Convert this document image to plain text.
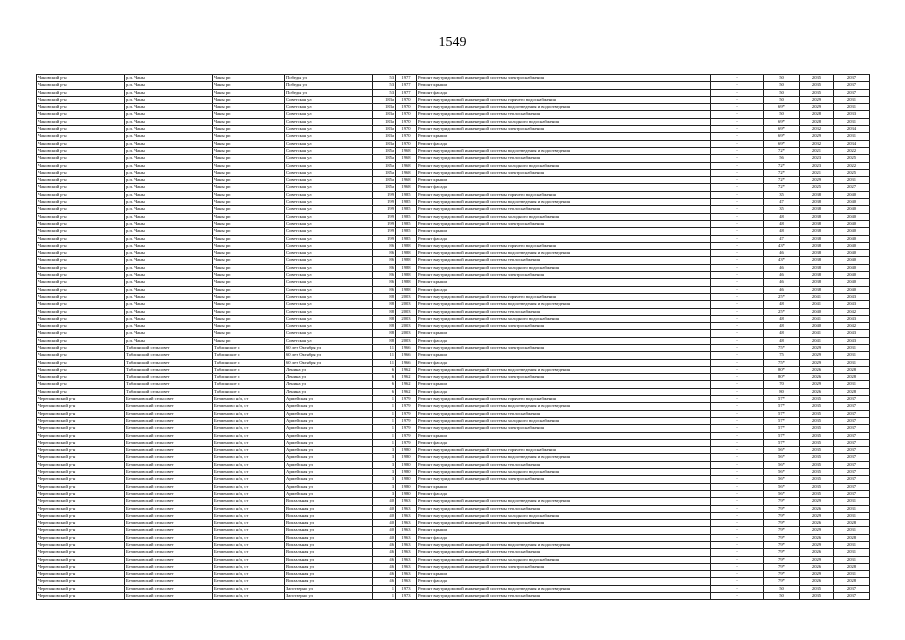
1549
Чановский р-н	р.п. Чаны	Чаны рп	Победы ул	53	1977	Ремонт внутридомовой инженерной системы электроснабжения	-	50	2035	2037
Чановский р-н	р.п. Чаны	Чаны рп	Победы ул	53	1977	Ремонт крыши	-	50	2035	2037
Чановский р-н	р.п. Чаны	Чаны рп	Победы ул	53	1977	Ремонт фасада	-	50	2035	2037
Чановский р-н	р.п. Чаны	Чаны рп	Советская ул	183а	1970	Ремонт внутридомовой инженерной системы горячего водоснабжения	-	50	2029	2031
Чановский р-н	р.п. Чаны	Чаны рп	Советская ул	183а	1970	Ремонт внутридомовой инженерной системы водоотведения и водоотведения	-	69*	2029	2031
Чановский р-н	р.п. Чаны	Чаны рп	Советская ул	183а	1970	Ремонт внутридомовой инженерной системы теплоснабжения	-	50	2028	2033
Чановский р-н	р.п. Чаны	Чаны рп	Советская ул	183а	1970	Ремонт внутридомовой инженерной системы холодного водоснабжения	-	69*	2028	2031
Чановский р-н	р.п. Чаны	Чаны рп	Советская ул	183а	1970	Ремонт внутридомовой инженерной системы электроснабжения	-	69*	2032	2034
Чановский р-н	р.п. Чаны	Чаны рп	Советская ул	183а	1970	Ремонт крыши	-	69*	2029	2031
Чановский р-н	р.п. Чаны	Чаны рп	Советская ул	183а	1970	Ремонт фасада	-	69*	2032	2034
Чановский р-н	р.п. Чаны	Чаны рп	Советская ул	185а	1968	Ремонт внутридомовой инженерной системы водоотведения и водоотведения	-	72*	2021	2022
Чановский р-н	р.п. Чаны	Чаны рп	Советская ул	185а	1968	Ремонт внутридомовой инженерной системы теплоснабжения	-	56	2023	2025
Чановский р-н	р.п. Чаны	Чаны рп	Советская ул	185а	1968	Ремонт внутридомовой инженерной системы холодного водоснабжения	-	72*	2023	2022
Чановский р-н	р.п. Чаны	Чаны рп	Советская ул	185а	1968	Ремонт внутридомовой инженерной системы электроснабжения	-	72*	2021	2025
Чановский р-н	р.п. Чаны	Чаны рп	Советская ул	185а	1968	Ремонт крыши	-	72*	2029	2031
Чановский р-н	р.п. Чаны	Чаны рп	Советская ул	185а	1968	Ремонт фасада	-	72*	2025	2027
Чановский р-н	р.п. Чаны	Чаны рп	Советская ул	199	1985	Ремонт внутридомовой инженерной системы горячего водоснабжения	-	35	2038	2040
Чановский р-н	р.п. Чаны	Чаны рп	Советская ул	199	1985	Ремонт внутридомовой инженерной системы водоотведения и водоотведения	-	47	2038	2040
Чановский р-н	р.п. Чаны	Чаны рп	Советская ул	199	1985	Ремонт внутридомовой инженерной системы теплоснабжения	-	35	2038	2040
Чановский р-н	р.п. Чаны	Чаны рп	Советская ул	199	1985	Ремонт внутридомовой инженерной системы холодного водоснабжения	-	48	2038	2040
Чановский р-н	р.п. Чаны	Чаны рп	Советская ул	199	1985	Ремонт внутридомовой инженерной системы электроснабжения	-	48	2038	2040
Чановский р-н	р.п. Чаны	Чаны рп	Советская ул	199	1985	Ремонт крыши	-	48	2038	2040
Чановский р-н	р.п. Чаны	Чаны рп	Советская ул	199	1985	Ремонт фасада	-	47	2038	2040
Чановский р-н	р.п. Чаны	Чаны рп	Советская ул	86	1988	Ремонт внутридомовой инженерной системы горячего водоснабжения	-	43*	2038	2040
Чановский р-н	р.п. Чаны	Чаны рп	Советская ул	86	1988	Ремонт внутридомовой инженерной системы водоотведения и водоотведения	-	46	2038	2040
Чановский р-н	р.п. Чаны	Чаны рп	Советская ул	86	1988	Ремонт внутридомовой инженерной системы теплоснабжения	-	43*	2038	2040
Чановский р-н	р.п. Чаны	Чаны рп	Советская ул	86	1988	Ремонт внутридомовой инженерной системы холодного водоснабжения	-	46	2038	2040
Чановский р-н	р.п. Чаны	Чаны рп	Советская ул	86	1988	Ремонт внутридомовой инженерной системы электроснабжения	-	46	2038	2040
Чановский р-н	р.п. Чаны	Чаны рп	Советская ул	86	1988	Ремонт крыши	-	46	2038	2040
Чановский р-н	р.п. Чаны	Чаны рп	Советская ул	86	1988	Ремонт фасада	-	46	2038	2040
Чановский р-н	р.п. Чаны	Чаны рп	Советская ул	88	2003	Ремонт внутридомовой инженерной системы горячего водоснабжения	-	25*	2041	2043
Чановский р-н	р.п. Чаны	Чаны рп	Советская ул	88	2003	Ремонт внутридомовой инженерной системы водоотведения и водоотведения	-	48	2041	2043
Чановский р-н	р.п. Чаны	Чаны рп	Советская ул	88	2003	Ремонт внутридомовой инженерной системы теплоснабжения	-	25*	2040	2042
Чановский р-н	р.п. Чаны	Чаны рп	Советская ул	88	2003	Ремонт внутридомовой инженерной системы холодного водоснабжения	-	48	2041	2043
Чановский р-н	р.п. Чаны	Чаны рп	Советская ул	88	2003	Ремонт внутридомовой инженерной системы электроснабжения	-	48	2040	2042
Чановский р-н	р.п. Чаны	Чаны рп	Советская ул	88	2003	Ремонт крыши	-	48	2041	2043
Чановский р-н	р.п. Чаны	Чаны рп	Советская ул	88	2003	Ремонт фасада	-	48	2041	2043
Чановский р-н	Таблинский сельсовет	Таблинское с	60 лет Октября ул	11	1966	Ремонт внутридомовой инженерной системы электроснабжения	-	75*	2029	2031
Чановский р-н	Таблинский сельсовет	Таблинское с	60 лет Октября ул	11	1966	Ремонт крыши	-	75	2029	2031
Чановский р-н	Таблинский сельсовет	Таблинское с	60 лет Октября ул	11	1966	Ремонт фасада	-	75*	2029	2031
Чановский р-н	Таблинский сельсовет	Таблинское с	Ленина ул	6	1962	Ремонт внутридомовой инженерной системы водоотведения и водоотведения	-	80*	2026	2028
Чановский р-н	Таблинский сельсовет	Таблинское с	Ленина ул	6	1962	Ремонт внутридомовой инженерной системы электроснабжения	-	80*	2026	2028
Чановский р-н	Таблинский сельсовет	Таблинское с	Ленина ул	6	1962	Ремонт крыши	-	70	2029	2031
Чановский р-н	Таблинский сельсовет	Таблинское с	Ленина ул	6	1962	Ремонт фасада	-	80	2026	2028
Черепановский р-н	Безменовский сельсовет	Безменово н/п, ст	Армейская ул	1	1979	Ремонт внутридомовой инженерной системы горячего водоснабжения	-	57*	2035	2037
Черепановский р-н	Безменовский сельсовет	Безменово н/п, ст	Армейская ул	1	1979	Ремонт внутридомовой инженерной системы водоотведения и водоотведения	-	57*	2035	2037
Черепановский р-н	Безменовский сельсовет	Безменово н/п, ст	Армейская ул	1	1979	Ремонт внутридомовой инженерной системы теплоснабжения	-	57*	2035	2037
Черепановский р-н	Безменовский сельсовет	Безменово н/п, ст	Армейская ул	1	1979	Ремонт внутридомовой инженерной системы холодного водоснабжения	-	57*	2035	2037
Черепановский р-н	Безменовский сельсовет	Безменово н/п, ст	Армейская ул	1	1979	Ремонт внутридомовой инженерной системы электроснабжения	-	57*	2035	2037
Черепановский р-н	Безменовский сельсовет	Безменово н/п, ст	Армейская ул	1	1979	Ремонт крыши	-	57*	2035	2037
Черепановский р-н	Безменовский сельсовет	Безменово н/п, ст	Армейская ул	1	1979	Ремонт фасада	-	57*	2035	2037
Черепановский р-н	Безменовский сельсовет	Безменово н/п, ст	Армейская ул	3	1980	Ремонт внутридомовой инженерной системы горячего водоснабжения	-	56*	2035	2037
Черепановский р-н	Безменовский сельсовет	Безменово н/п, ст	Армейская ул	3	1980	Ремонт внутридомовой инженерной системы водоотведения и водоотведения	-	56*	2035	2037
Черепановский р-н	Безменовский сельсовет	Безменово н/п, ст	Армейская ул	3	1980	Ремонт внутридомовой инженерной системы теплоснабжения	-	56*	2035	2037
Черепановский р-н	Безменовский сельсовет	Безменово н/п, ст	Армейская ул	3	1980	Ремонт внутридомовой инженерной системы холодного водоснабжения	-	56*	2035	2037
Черепановский р-н	Безменовский сельсовет	Безменово н/п, ст	Армейская ул	3	1980	Ремонт внутридомовой инженерной системы электроснабжения	-	56*	2035	2037
Черепановский р-н	Безменовский сельсовет	Безменово н/п, ст	Армейская ул	3	1980	Ремонт крыши	-	56*	2035	2037
Черепановский р-н	Безменовский сельсовет	Безменово н/п, ст	Армейская ул	3	1980	Ремонт фасада	-	56*	2035	2037
Черепановский р-н	Безменовский сельсовет	Безменово н/п, ст	Вокзальная ул	40	1963	Ремонт внутридомовой инженерной системы водоотведения и водоотведения	-	79*	2029	2031
Черепановский р-н	Безменовский сельсовет	Безменово н/п, ст	Вокзальная ул	40	1963	Ремонт внутридомовой инженерной системы теплоснабжения	-	79*	2026	2031
Черепановский р-н	Безменовский сельсовет	Безменово н/п, ст	Вокзальная ул	40	1963	Ремонт внутридомовой инженерной системы холодного водоснабжения	-	79*	2029	2031
Черепановский р-н	Безменовский сельсовет	Безменово н/п, ст	Вокзальная ул	40	1963	Ремонт внутридомовой инженерной системы электроснабжения	-	79*	2026	2028
Черепановский р-н	Безменовский сельсовет	Безменово н/п, ст	Вокзальная ул	40	1963	Ремонт крыши	-	79*	2029	2031
Черепановский р-н	Безменовский сельсовет	Безменово н/п, ст	Вокзальная ул	40	1963	Ремонт фасада	-	79*	2026	2028
Черепановский р-н	Безменовский сельсовет	Безменово н/п, ст	Вокзальная ул	46	1963	Ремонт внутридомовой инженерной системы водоотведения и водоотведения	-	79*	2029	2031
Черепановский р-н	Безменовский сельсовет	Безменово н/п, ст	Вокзальная ул	46	1963	Ремонт внутридомовой инженерной системы теплоснабжения	-	79*	2026	2031
Черепановский р-н	Безменовский сельсовет	Безменово н/п, ст	Вокзальная ул	46	1963	Ремонт внутридомовой инженерной системы холодного водоснабжения	-	79*	2029	2031
Черепановский р-н	Безменовский сельсовет	Безменово н/п, ст	Вокзальная ул	46	1963	Ремонт внутридомовой инженерной системы электроснабжения	-	79*	2026	2028
Черепановский р-н	Безменовский сельсовет	Безменово н/п, ст	Вокзальная ул	46	1963	Ремонт крыши	-	79*	2029	2031
Черепановский р-н	Безменовский сельсовет	Безменово н/п, ст	Вокзальная ул	46	1963	Ремонт фасада	-	79*	2026	2028
Черепановский р-н	Безменовский сельсовет	Безменово н/п, ст	Заготзерно ул	1	1973	Ремонт внутридомовой инженерной системы водоотведения и водоотведения	-	50	2035	2037
Черепановский р-н	Безменовский сельсовет	Безменово н/п, ст	Заготзерно ул	1	1973	Ремонт внутридомовой инженерной системы теплоснабжения	-	50	2035	2037
